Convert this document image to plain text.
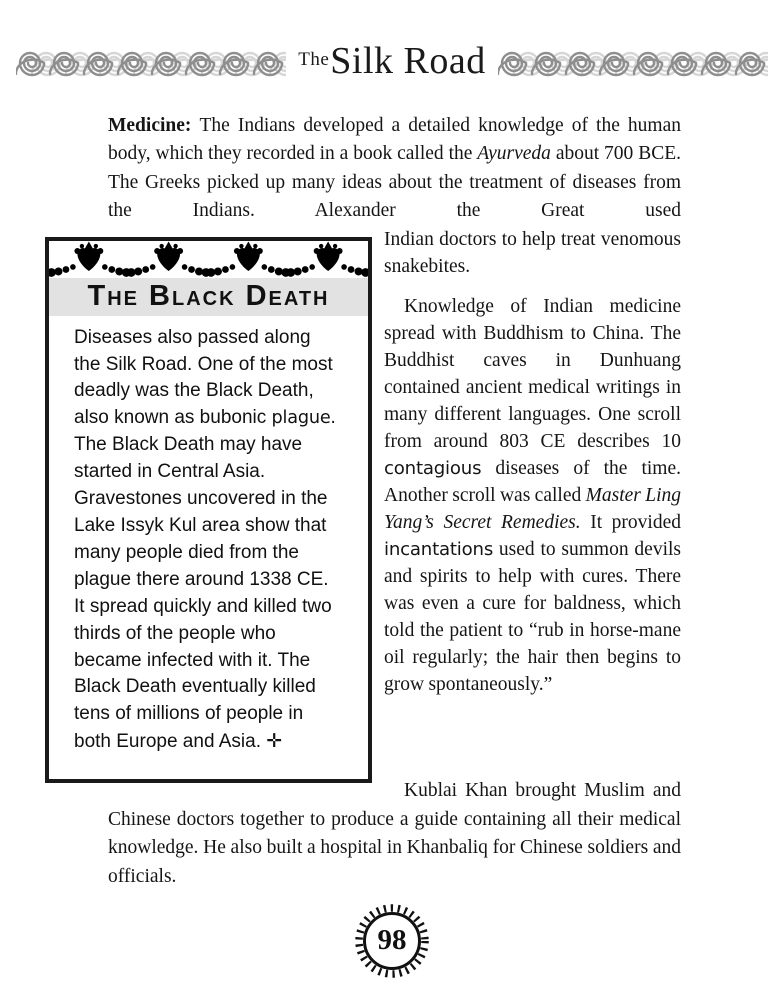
The Silk Road

Medicine: The Indians developed a detailed knowledge of the human body, which they recorded in a book called the Ayurveda about 700 BCE. The Greeks picked up many ideas about the treatment of diseases from the Indians. Alexander the Great used

The Black Death

Diseases also passed along the Silk Road. One of the most deadly was the Black Death, also known as bubonic plague. The Black Death may have started in Central Asia. Gravestones uncovered in the Lake Issyk Kul area show that many people died from the plague there around 1338 CE. It spread quickly and killed two thirds of the people who became infected with it. The Black Death eventually killed tens of millions of people in both Europe and Asia. ✛

Indian doctors to help treat venomous snakebites.

Knowledge of Indian medicine spread with Buddhism to China. The Buddhist caves in Dunhuang contained ancient medical writings in many different languages. One scroll from around 803 CE describes 10 contagious diseases of the time. Another scroll was called Master Ling Yang’s Secret Remedies. It provided incantations used to summon devils and spirits to help with cures. There was even a cure for baldness, which told the patient to “rub in horse-mane oil regularly; the hair then begins to grow spontaneously.”

Kublai Khan brought Muslim and Chinese doctors together to produce a guide containing all their medical knowledge. He also built a hospital in Khanbaliq for Chinese soldiers and officials.

98
